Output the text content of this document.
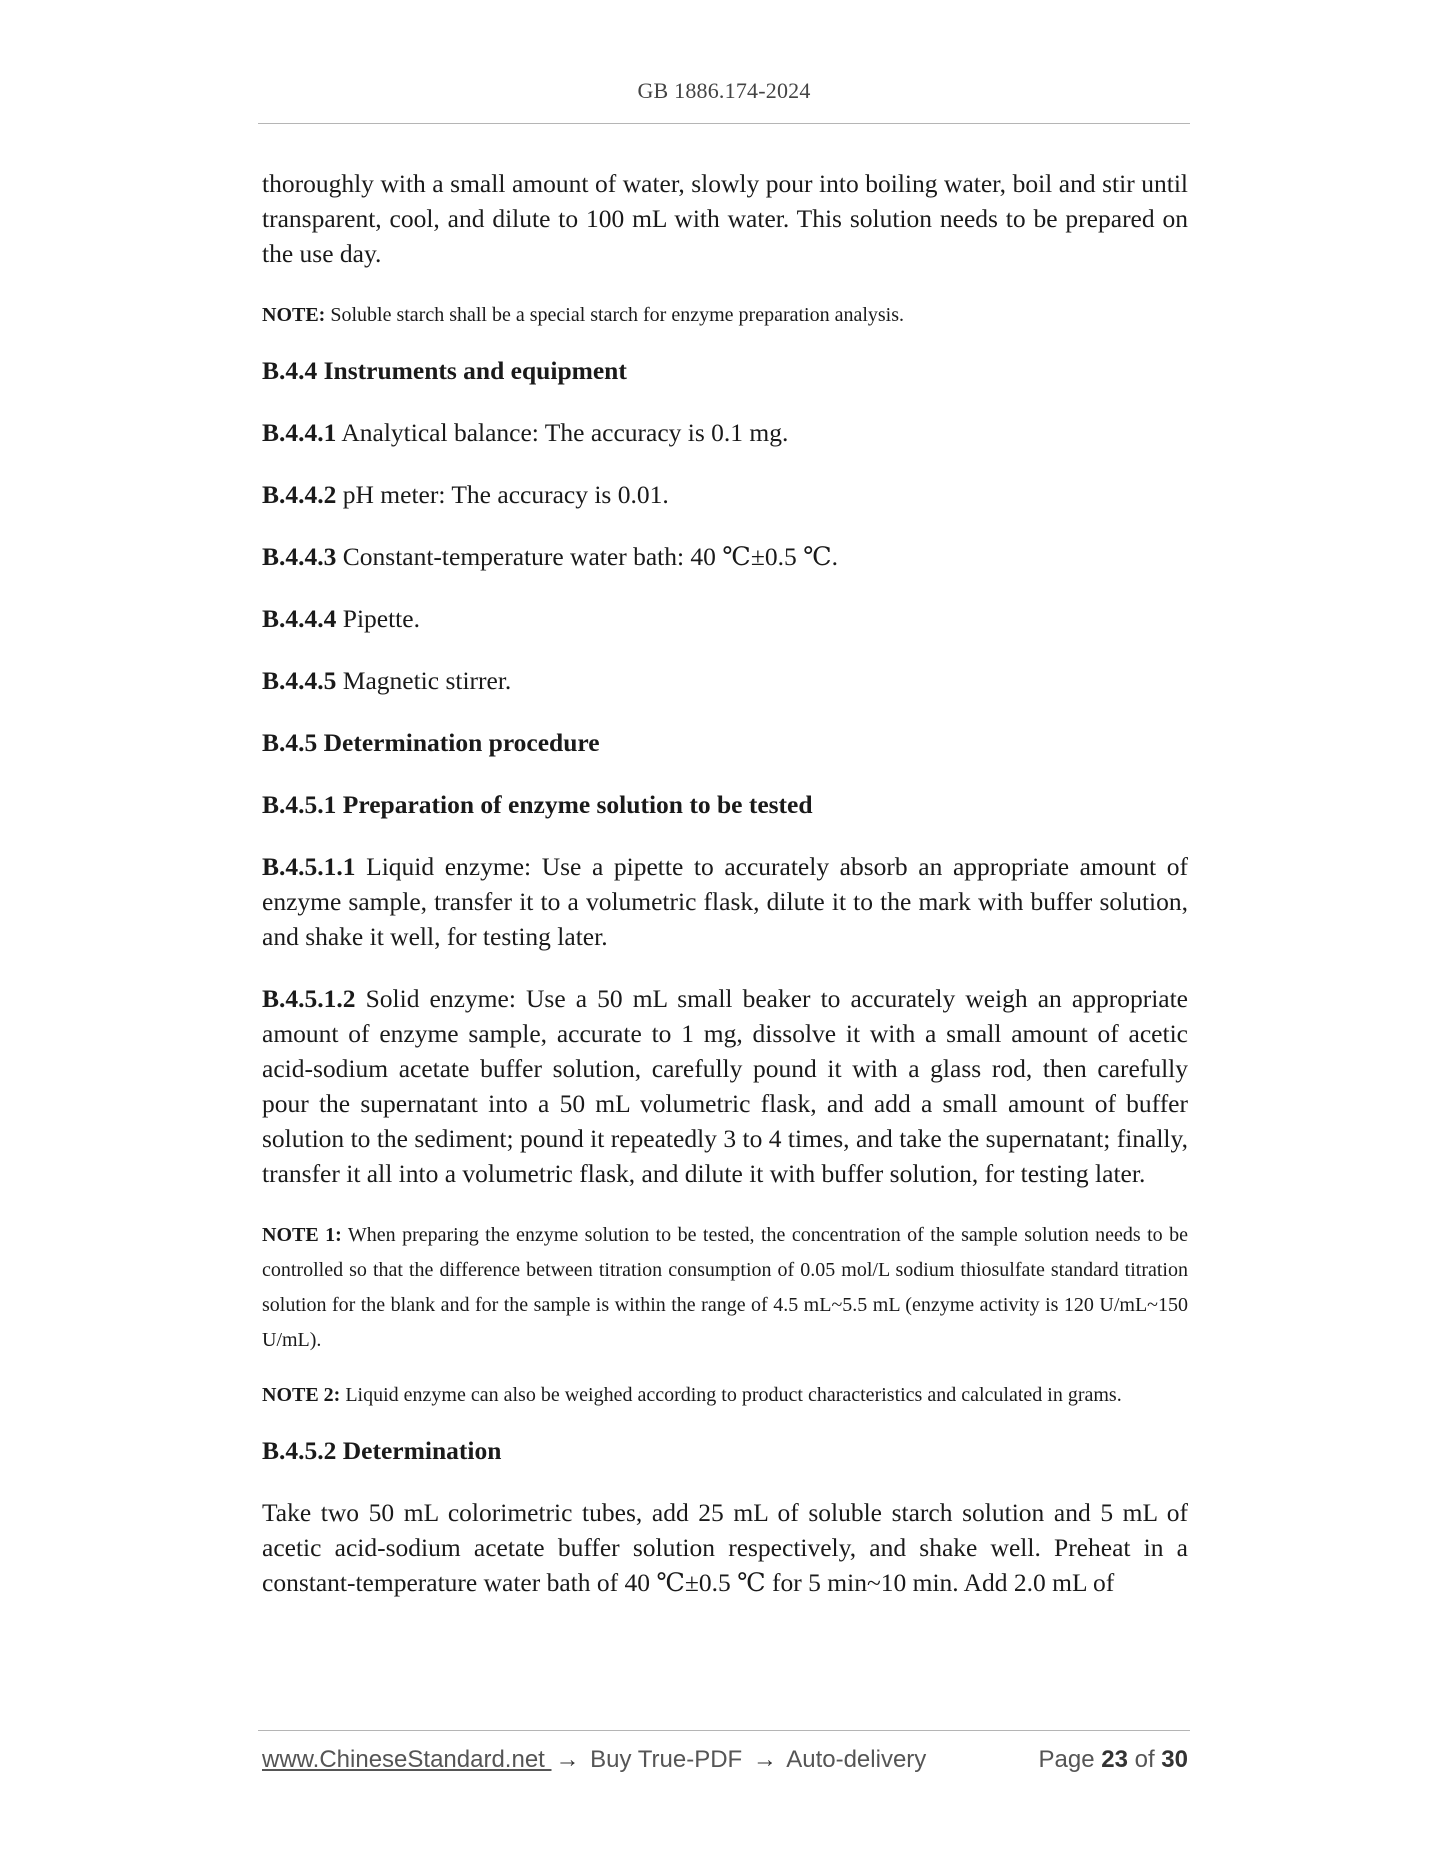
GB 1886.174-2024

thoroughly with a small amount of water, slowly pour into boiling water, boil and stir until transparent, cool, and dilute to 100 mL with water. This solution needs to be prepared on the use day.

NOTE: Soluble starch shall be a special starch for enzyme preparation analysis.

B.4.4 Instruments and equipment
B.4.4.1 Analytical balance: The accuracy is 0.1 mg.
B.4.4.2 pH meter: The accuracy is 0.01.
B.4.4.3 Constant-temperature water bath: 40 ℃±0.5 ℃.
B.4.4.4 Pipette.
B.4.4.5 Magnetic stirrer.
B.4.5 Determination procedure
B.4.5.1 Preparation of enzyme solution to be tested

B.4.5.1.1 Liquid enzyme: Use a pipette to accurately absorb an appropriate amount of enzyme sample, transfer it to a volumetric flask, dilute it to the mark with buffer solution, and shake it well, for testing later.

B.4.5.1.2 Solid enzyme: Use a 50 mL small beaker to accurately weigh an appropriate amount of enzyme sample, accurate to 1 mg, dissolve it with a small amount of acetic acid-sodium acetate buffer solution, carefully pound it with a glass rod, then carefully pour the supernatant into a 50 mL volumetric flask, and add a small amount of buffer solution to the sediment; pound it repeatedly 3 to 4 times, and take the supernatant; finally, transfer it all into a volumetric flask, and dilute it with buffer solution, for testing later.

NOTE 1: When preparing the enzyme solution to be tested, the concentration of the sample solution needs to be controlled so that the difference between titration consumption of 0.05 mol/L sodium thiosulfate standard titration solution for the blank and for the sample is within the range of 4.5 mL~5.5 mL (enzyme activity is 120 U/mL~150 U/mL).

NOTE 2: Liquid enzyme can also be weighed according to product characteristics and calculated in grams.

B.4.5.2 Determination

Take two 50 mL colorimetric tubes, add 25 mL of soluble starch solution and 5 mL of acetic acid-sodium acetate buffer solution respectively, and shake well. Preheat in a constant-temperature water bath of 40 ℃±0.5 ℃ for 5 min~10 min. Add 2.0 mL of

www.ChineseStandard.net → Buy True-PDF → Auto-delivery	Page 23 of 30
